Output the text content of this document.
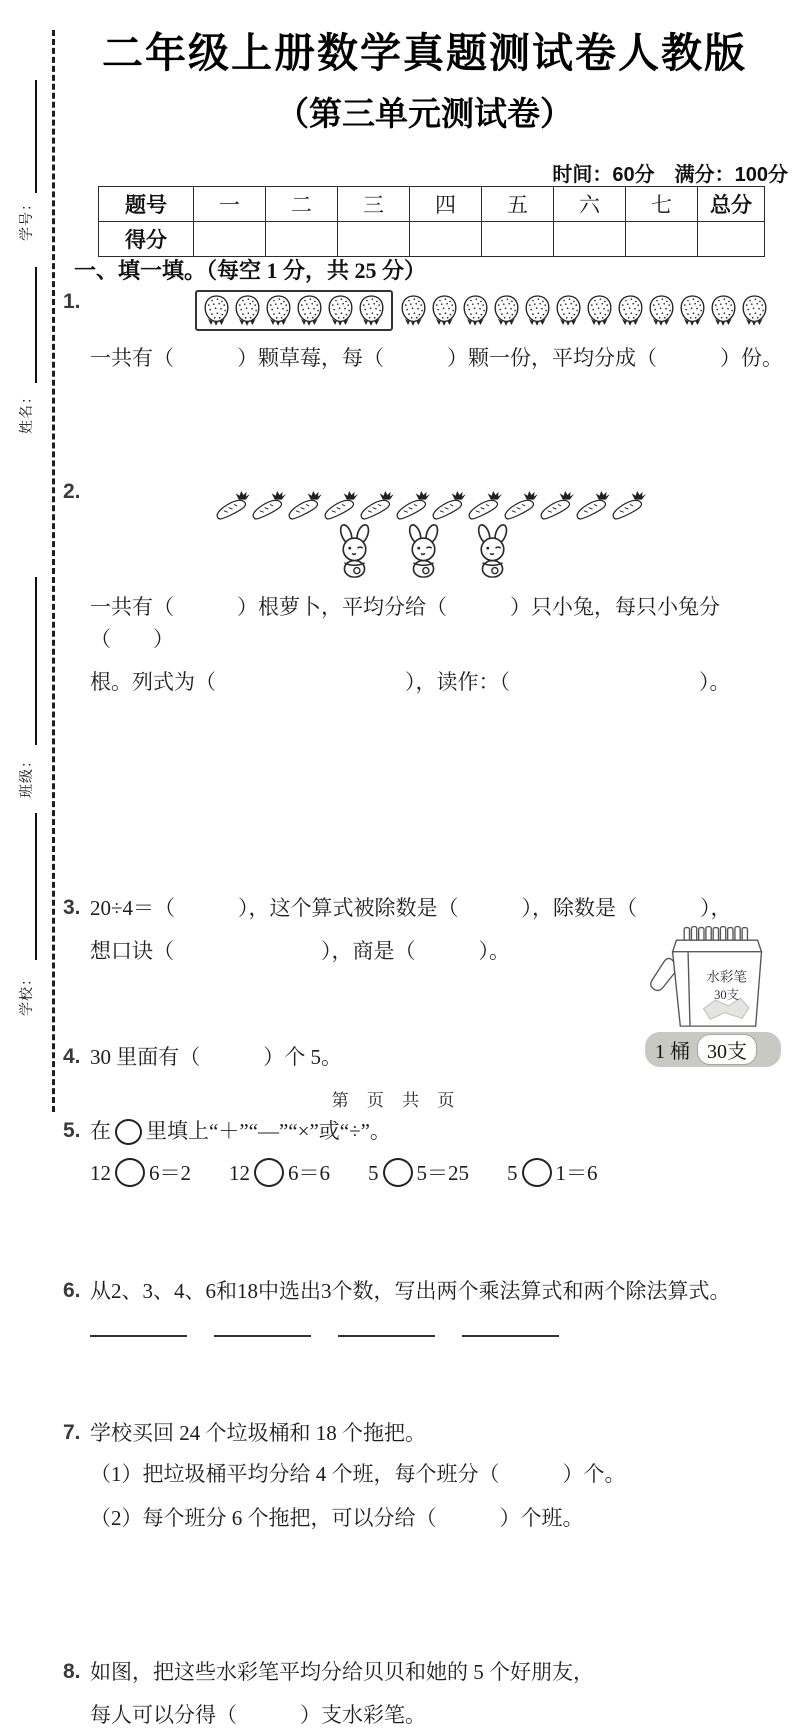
学号：
姓名：
班级：
学校：
二年级上册数学真题测试卷人教版
（第三单元测试卷）
时间：60分　满分：100分
题号	一	二	三	四	五	六	七	总分
得分								
一、填一填。（每空 1 分，共 25 分）
1.
一共有（　　　）颗草莓，每（　　　）颗一份，平均分成（　　　）份。
2.
一共有（　　　）根萝卜，平均分给（　　　）只小兔，每只小兔分（　　）
根。列式为（　　　　　　　　　），读作：（　　　　　　　　　）。
3. 20÷4＝（　　　），这个算式被除数是（　　　），除数是（　　　），
想口诀（　　　　　　　），商是（　　　）。
4. 30 里面有（　　　）个 5。
5. 在 里填上“＋”“—”“×”或“÷”。
12 6＝2 12 6＝6 5 5＝25 5 1＝6
6. 从2、3、4、6和18中选出3个数，写出两个乘法算式和两个除法算式。
7. 学校买回 24 个垃圾桶和 18 个拖把。
（1）把垃圾桶平均分给 4 个班，每个班分（　　　）个。
（2）每个班分 6 个拖把，可以分给（　　　）个班。
8. 如图，把这些水彩笔平均分给贝贝和她的 5 个好朋友，
每人可以分得（　　　）支水彩笔。
水彩笔
30支
1 桶 30支
第 页 共 页
